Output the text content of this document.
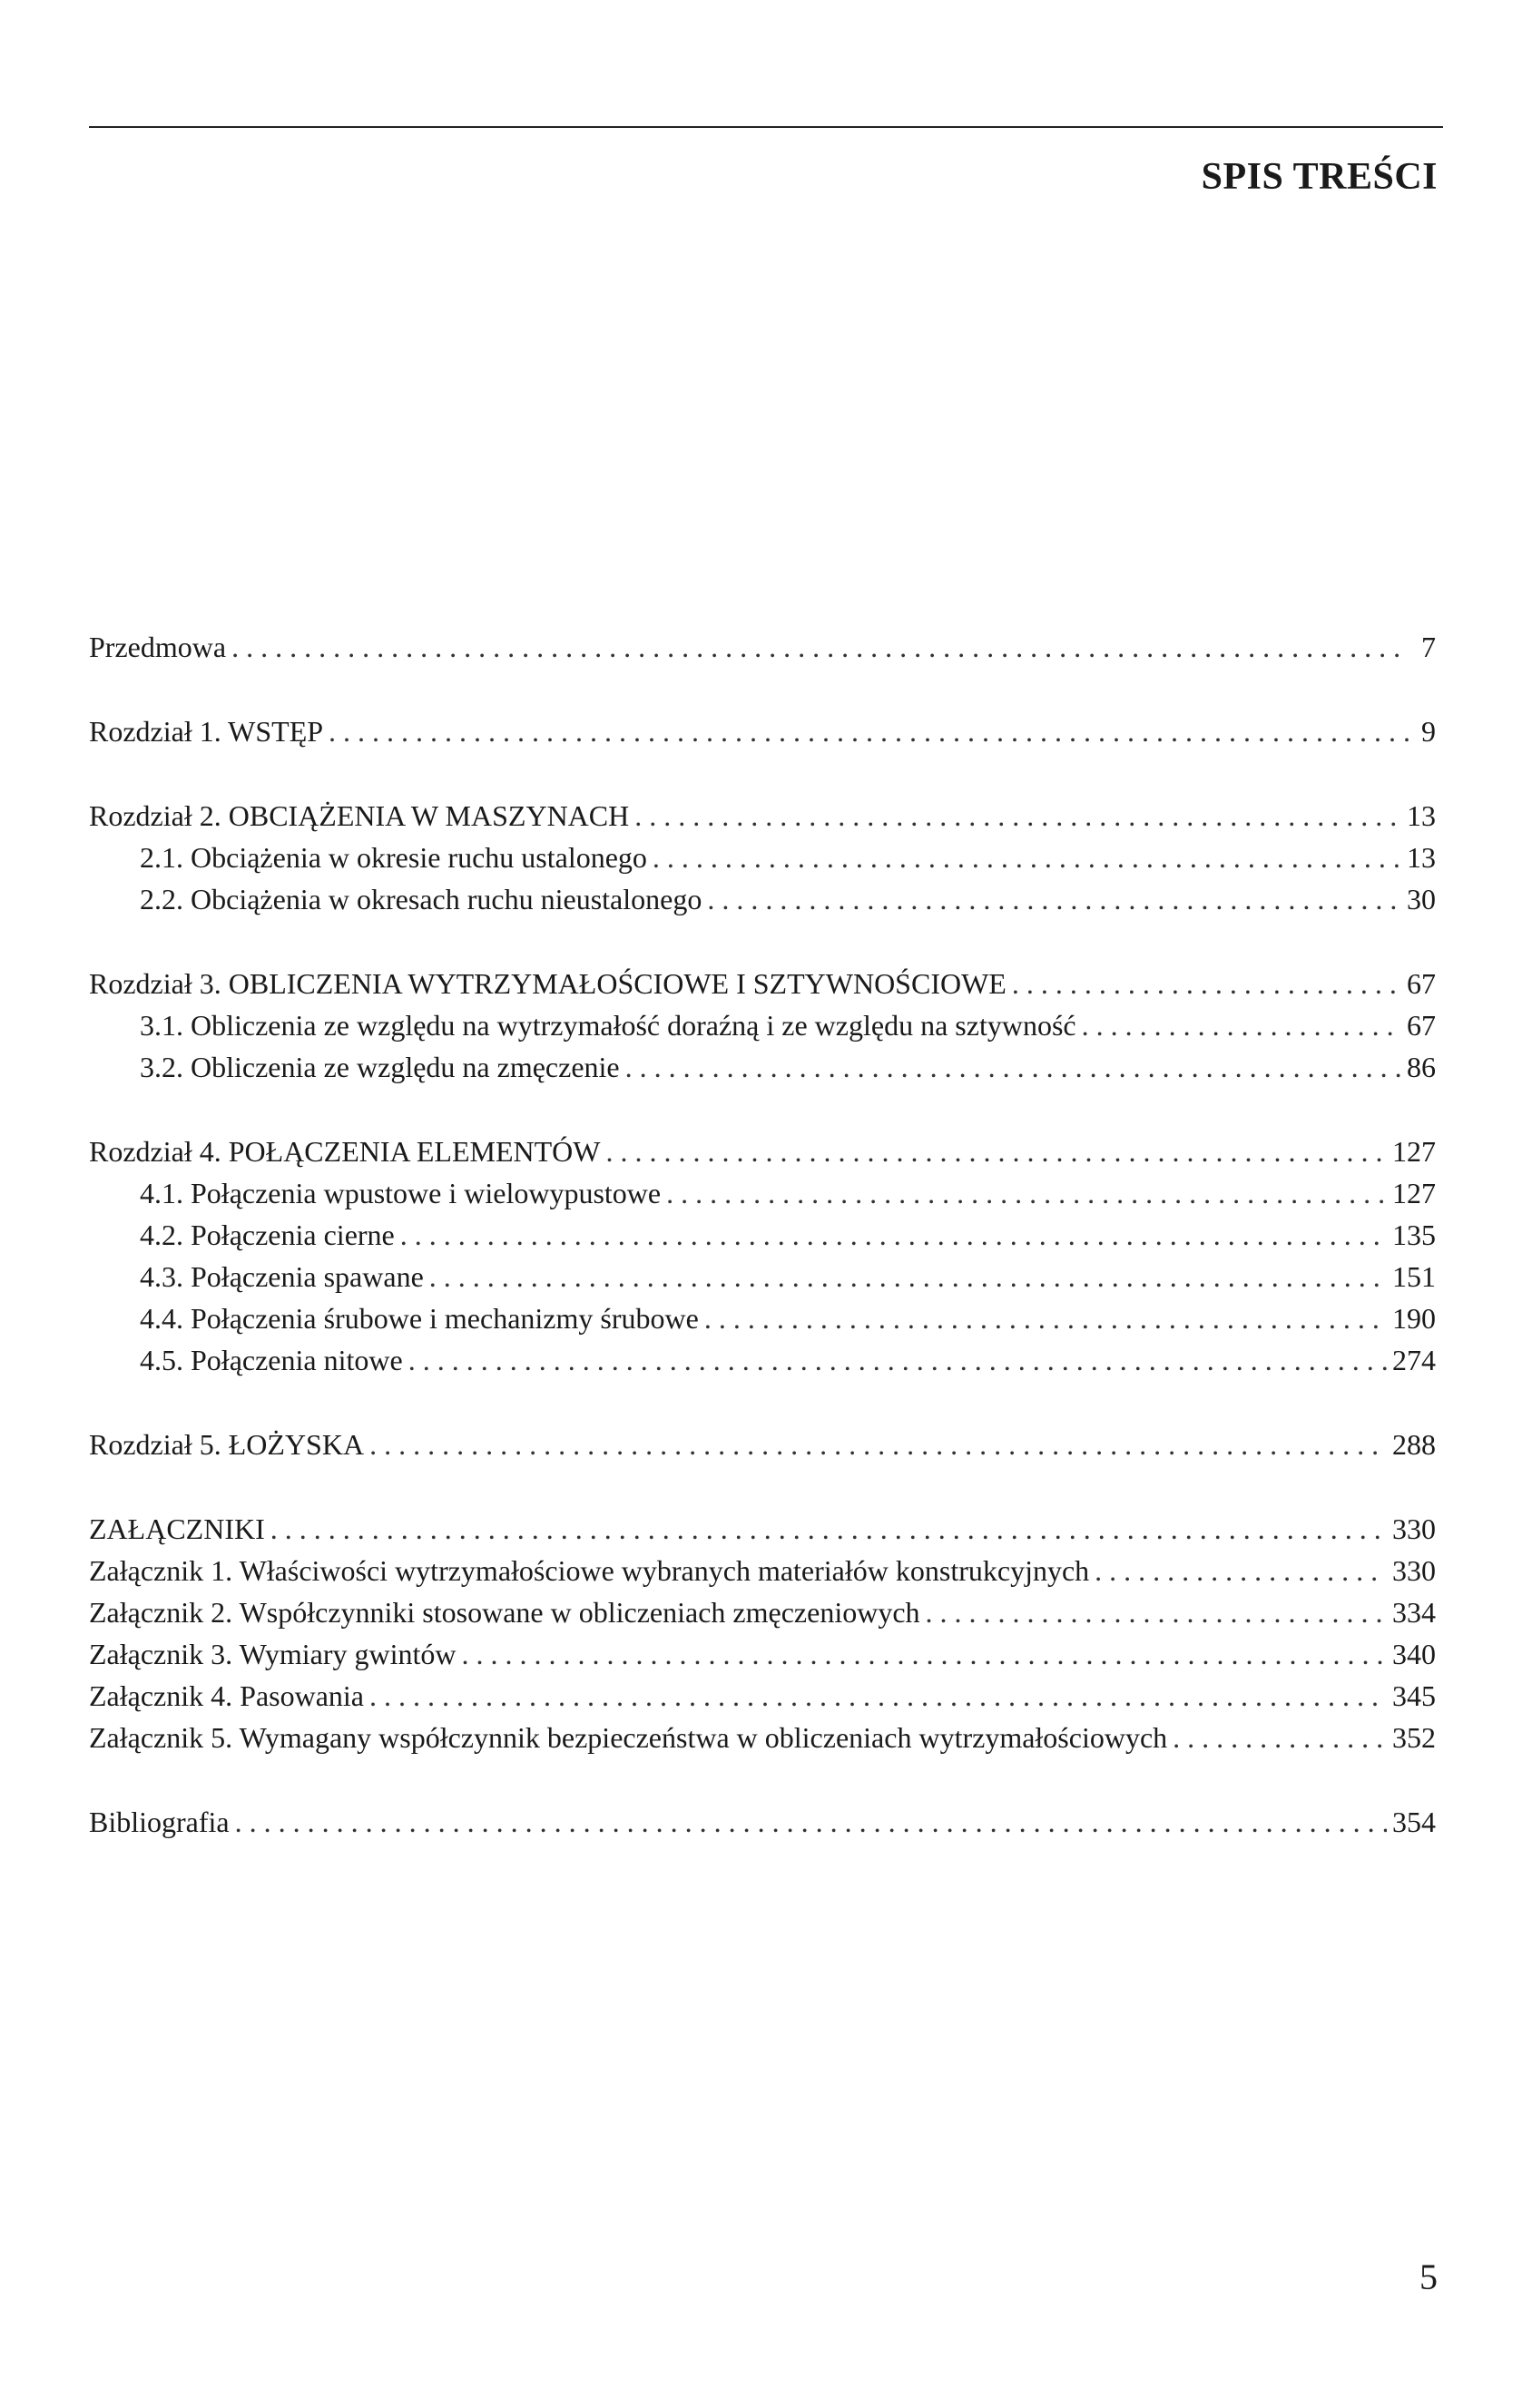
SPIS TREŚCI
Przedmowa . . .	7
Rozdział 1. WSTĘP . . .	9
Rozdział 2. OBCIĄŻENIA W MASZYNACH . . .	13
2.1. Obciążenia w okresie ruchu ustalonego . . .	13
2.2. Obciążenia w okresach ruchu nieustalonego . . .	30
Rozdział 3. OBLICZENIA WYTRZYMAŁOŚCIOWE I SZTYWNOŚCIOWE . . .	67
3.1. Obliczenia ze względu na wytrzymałość doraźną i ze względu na sztywność . . .	67
3.2. Obliczenia ze względu na zmęczenie . . .	86
Rozdział 4. POŁĄCZENIA ELEMENTÓW . . .	127
4.1. Połączenia wpustowe i wielowypustowe . . .	127
4.2. Połączenia cierne . . .	135
4.3. Połączenia spawane . . .	151
4.4. Połączenia śrubowe i mechanizmy śrubowe . . .	190
4.5. Połączenia nitowe . . .	274
Rozdział 5. ŁOŻYSKA . . .	288
ZAŁĄCZNIKI . . .	330
Załącznik 1. Właściwości wytrzymałościowe wybranych materiałów konstrukcyjnych . . .	330
Załącznik 2. Współczynniki stosowane w obliczeniach zmęczeniowych . . .	334
Załącznik 3. Wymiary gwintów . . .	340
Załącznik 4. Pasowania . . .	345
Załącznik 5. Wymagany współczynnik bezpieczeństwa w obliczeniach wytrzymałościowych . . .	352
Bibliografia . . .	354

5
